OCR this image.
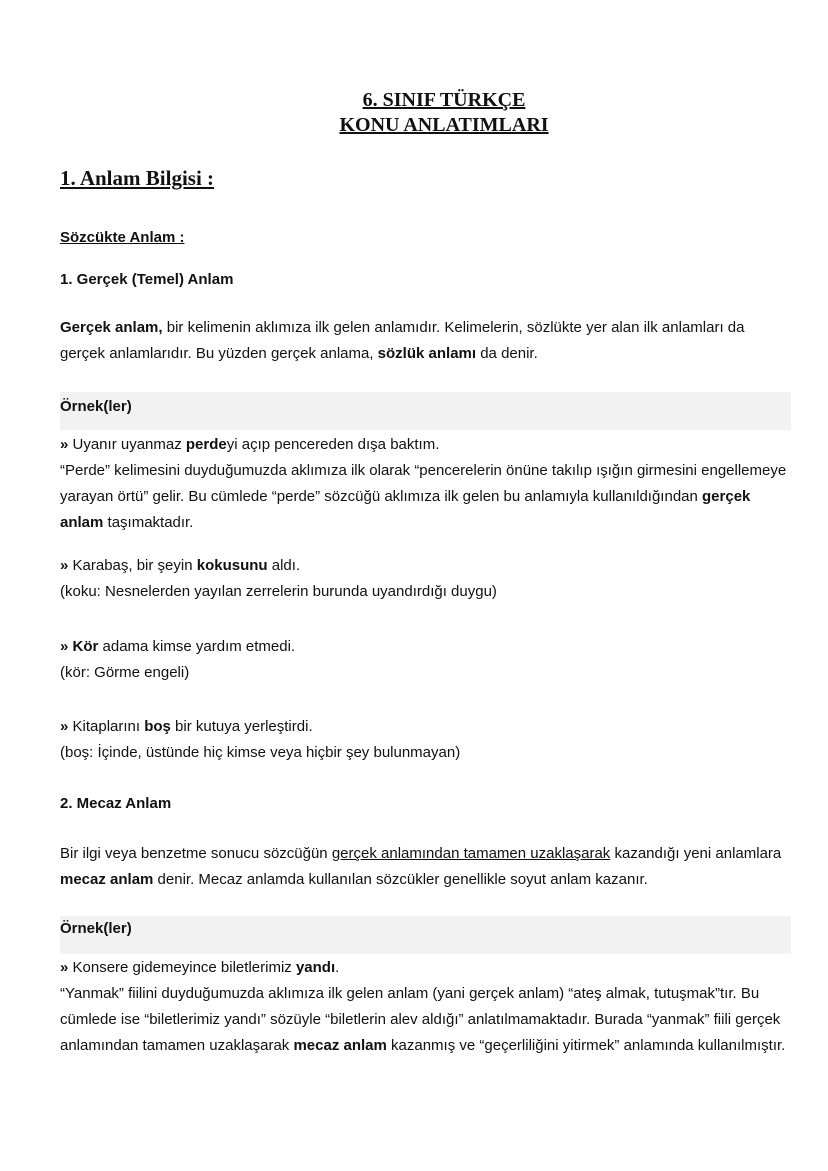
6. SINIF TÜRKÇE
KONU ANLATIMLARI
1. Anlam Bilgisi :
Sözcükte Anlam :
1. Gerçek (Temel) Anlam
Gerçek anlam, bir kelimenin aklımıza ilk gelen anlamıdır. Kelimelerin, sözlükte yer alan ilk anlamları da gerçek anlamlarıdır. Bu yüzden gerçek anlama, sözlük anlamı da denir.
Örnek(ler)
» Uyanır uyanmaz perdeyi açıp pencereden dışa baktım.
“Perde” kelimesini duyduğumuzda aklımıza ilk olarak “pencerelerin önüne takılıp ışığın girmesini engellemeye yarayan örtü” gelir. Bu cümlede “perde” sözcüğü aklımıza ilk gelen bu anlamıyla kullanıldığından gerçek anlam taşımaktadır.
» Karabaş, bir şeyin kokusunu aldı.
(koku: Nesnelerden yayılan zerrelerin burunda uyandırdığı duygu)
» Kör adama kimse yardım etmedi.
(kör: Görme engeli)
» Kitaplarını boş bir kutuya yerleştirdi.
(boş: İçinde, üstünde hiç kimse veya hiçbir şey bulunmayan)
2. Mecaz Anlam
Bir ilgi veya benzetme sonucu sözcüğün gerçek anlamından tamamen uzaklaşarak kazandığı yeni anlamlara mecaz anlam denir. Mecaz anlamda kullanılan sözcükler genellikle soyut anlam kazanır.
Örnek(ler)
» Konsere gidemeyince biletlerimiz yandı.
“Yanmak” fiilini duyduğumuzda aklımıza ilk gelen anlam (yani gerçek anlam) “ateş almak, tutuşmak”tır. Bu cümlede ise “biletlerimiz yandı” sözüyle “biletlerin alev aldığı” anlatılmamaktadır. Burada “yanmak” fiili gerçek anlamından tamamen uzaklaşarak mecaz anlam kazanmış ve “geçerliliğini yitirmek” anlamında kullanılmıştır.
